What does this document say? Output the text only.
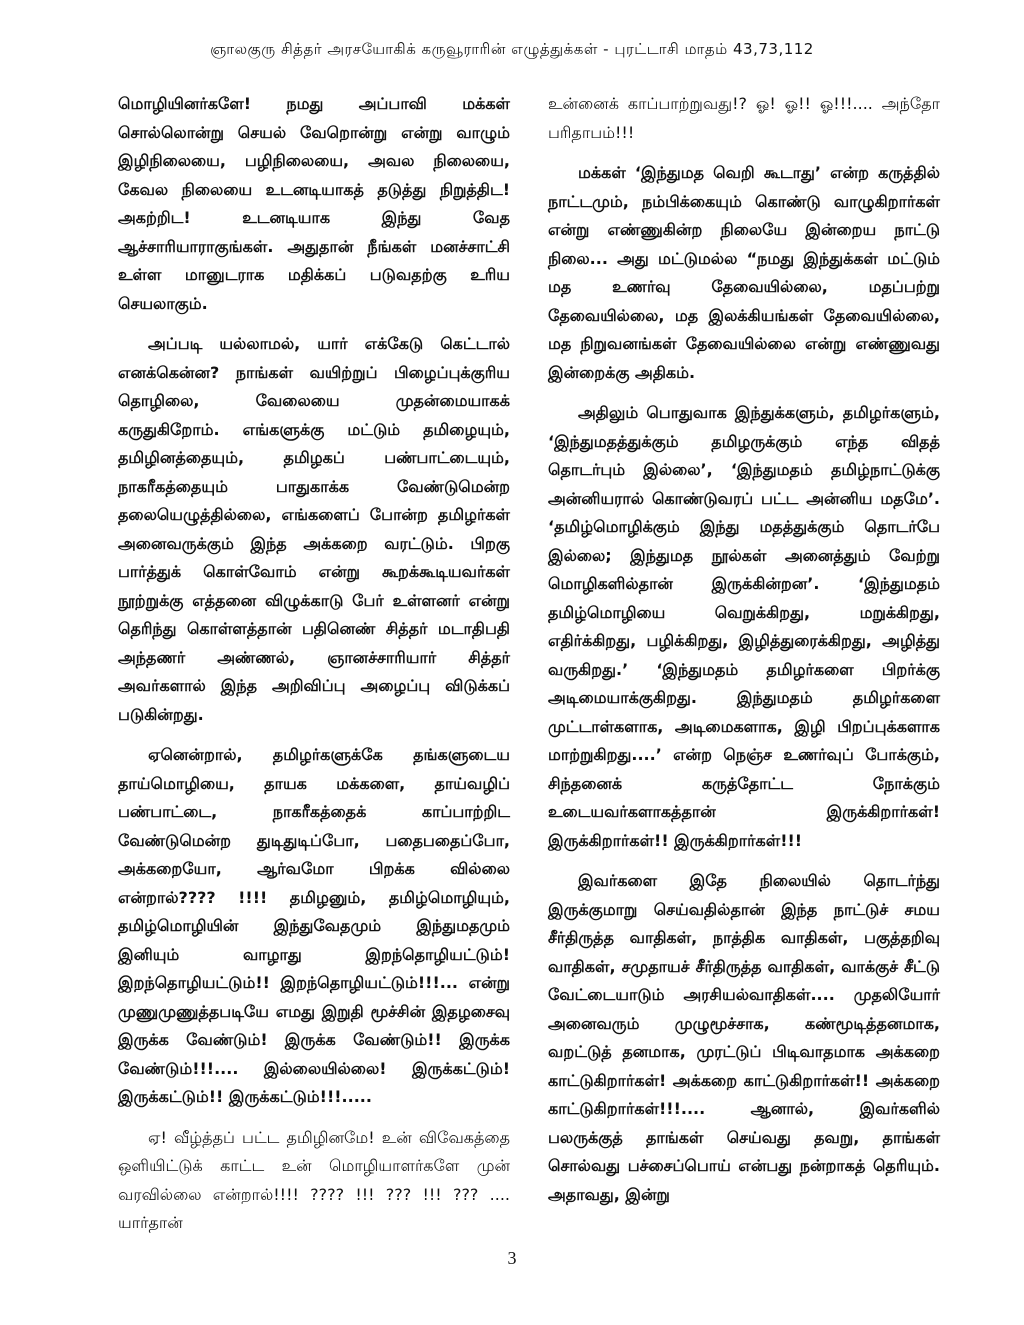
ஞாலகுரு சித்தர் அரசயோகிக் கருவூராரின் எழுத்துக்கள் - புரட்டாசி மாதம் 43,73,112

மொழியினர்களே! நமது அப்பாவி மக்கள் சொல்லொன்று செயல் வேறொன்று என்று வாழும் இழிநிலையை, பழிநிலையை, அவல நிலையை, கேவல நிலையை உடனடியாகத் தடுத்து நிறுத்திட! அகற்றிட! உடனடியாக இந்து வேத ஆச்சாரியாராகுங்கள். அதுதான் நீங்கள் மனச்சாட்சி உள்ள மானுடராக மதிக்கப் படுவதற்கு உரிய செயலாகும்.

அப்படி யல்லாமல், யார் எக்கேடு கெட்டால் எனக்கென்ன? நாங்கள் வயிற்றுப் பிழைப்புக்குரிய தொழிலை, வேலையை முதன்மையாகக் கருதுகிறோம். எங்களுக்கு மட்டும் தமிழையும், தமிழினத்தையும், தமிழகப் பண்பாட்டையும், நாகரீகத்தையும் பாதுகாக்க வேண்டுமென்ற தலையெழுத்தில்லை, எங்களைப் போன்ற தமிழர்கள் அனைவருக்கும் இந்த அக்கறை வரட்டும். பிறகு பார்த்துக் கொள்வோம் என்று கூறக்கூடியவர்கள் நூற்றுக்கு எத்தனை விழுக்காடு பேர் உள்ளனர் என்று தெரிந்து கொள்ளத்தான் பதினெண் சித்தர் மடாதிபதி அந்தணர் அண்ணல், ஞானச்சாரியார் சித்தர் அவர்களால் இந்த அறிவிப்பு அழைப்பு விடுக்கப் படுகின்றது.

ஏனென்றால், தமிழர்களுக்கே தங்களுடைய தாய்மொழியை, தாயக மக்களை, தாய்வழிப் பண்பாட்டை, நாகரீகத்தைக் காப்பாற்றிட வேண்டுமென்ற துடிதுடிப்போ, பதைபதைப்போ, அக்கறையோ, ஆர்வமோ பிறக்க வில்லை என்றால்???? !!!! தமிழனும், தமிழ்மொழியும், தமிழ்மொழியின் இந்துவேதமும் இந்துமதமும் இனியும் வாழாது இறந்தொழியட்டும்! இறந்தொழியட்டும்!! இறந்தொழியட்டும்!!!... என்று முணுமுணுத்தபடியே எமது இறுதி மூச்சின் இதழசைவு இருக்க வேண்டும்! இருக்க வேண்டும்!! இருக்க வேண்டும்!!!.... இல்லையில்லை! இருக்கட்டும்! இருக்கட்டும்!! இருக்கட்டும்!!!.....

ஏ! வீழ்த்தப் பட்ட தமிழினமே! உன் விவேகத்தை ஒளியிட்டுக் காட்ட உன் மொழியாளர்களே முன் வரவில்லை என்றால்!!!! ???? !!! ??? !!! ??? .... யார்தான்

உன்னைக் காப்பாற்றுவது!? ஓ! ஓ!! ஓ!!!.... அந்தோ பரிதாபம்!!!

மக்கள் ‘இந்துமத வெறி கூடாது’ என்ற கருத்தில் நாட்டமும், நம்பிக்கையும் கொண்டு வாழுகிறார்கள் என்று எண்ணுகின்ற நிலையே இன்றைய நாட்டு நிலை... அது மட்டுமல்ல “நமது இந்துக்கள் மட்டும் மத உணர்வு தேவையில்லை, மதப்பற்று தேவையில்லை, மத இலக்கியங்கள் தேவையில்லை, மத நிறுவனங்கள் தேவையில்லை என்று எண்ணுவது இன்றைக்கு அதிகம்.

அதிலும் பொதுவாக இந்துக்களும், தமிழர்களும், ‘இந்துமதத்துக்கும் தமிழருக்கும் எந்த விதத் தொடர்பும் இல்லை’, ‘இந்துமதம் தமிழ்நாட்டுக்கு அன்னியரால் கொண்டுவரப் பட்ட அன்னிய மதமே’. ‘தமிழ்மொழிக்கும் இந்து மதத்துக்கும் தொடர்பே இல்லை; இந்துமத நூல்கள் அனைத்தும் வேற்று மொழிகளில்தான் இருக்கின்றன’. ‘இந்துமதம் தமிழ்மொழியை வெறுக்கிறது, மறுக்கிறது, எதிர்க்கிறது, பழிக்கிறது, இழித்துரைக்கிறது, அழித்து வருகிறது.’ ‘இந்துமதம் தமிழர்களை பிறர்க்கு அடிமையாக்குகிறது. இந்துமதம் தமிழர்களை முட்டாள்களாக, அடிமைகளாக, இழி பிறப்புக்களாக மாற்றுகிறது....’ என்ற நெஞ்ச உணர்வுப் போக்கும், சிந்தனைக் கருத்தோட்ட நோக்கும் உடையவர்களாகத்தான் இருக்கிறார்கள்! இருக்கிறார்கள்!! இருக்கிறார்கள்!!!

இவர்களை இதே நிலையில் தொடர்ந்து இருக்குமாறு செய்வதில்தான் இந்த நாட்டுச் சமய சீர்திருத்த வாதிகள், நாத்திக வாதிகள், பகுத்தறிவு வாதிகள், சமுதாயச் சீர்திருத்த வாதிகள், வாக்குச் சீட்டு வேட்டையாடும் அரசியல்வாதிகள்.... முதலியோர் அனைவரும் முழுமூச்சாக, கண்மூடித்தனமாக, வறட்டுத் தனமாக, முரட்டுப் பிடிவாதமாக அக்கறை காட்டுகிறார்கள்! அக்கறை காட்டுகிறார்கள்!! அக்கறை காட்டுகிறார்கள்!!!.... ஆனால், இவர்களில் பலருக்குத் தாங்கள் செய்வது தவறு, தாங்கள் சொல்வது பச்சைப்பொய் என்பது நன்றாகத் தெரியும். அதாவது, இன்று

3
